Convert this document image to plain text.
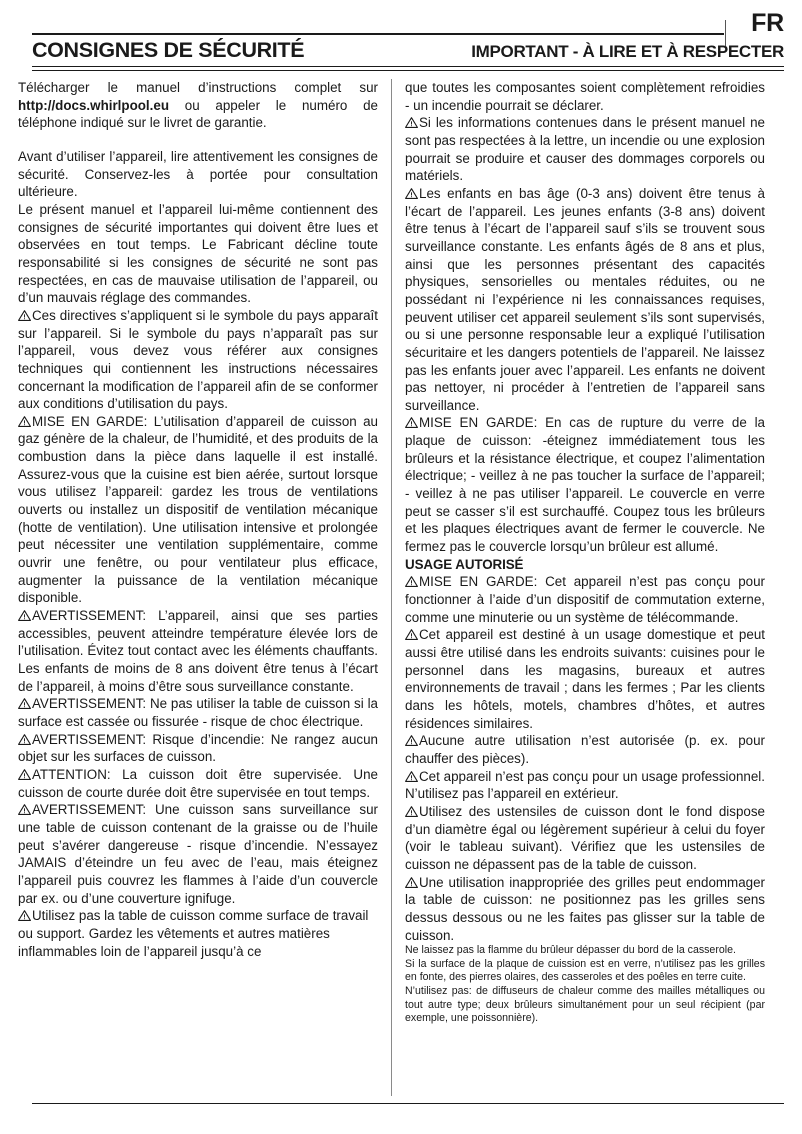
FR
CONSIGNES DE SÉCURITÉ	IMPORTANT - À LIRE ET À RESPECTER

Télécharger le manuel d’instructions complet sur http://docs.whirlpool.eu ou appeler le numéro de téléphone indiqué sur le livret de garantie.

Avant d’utiliser l’appareil, lire attentivement les consignes de sécurité. Conservez-les à portée pour consultation ultérieure.

Le présent manuel et l’appareil lui-même contiennent des consignes de sécurité importantes qui doivent être lues et observées en tout temps. Le Fabricant décline toute responsabilité si les consignes de sécurité ne sont pas respectées, en cas de mauvaise utilisation de l’appareil, ou d’un mauvais réglage des commandes.

Ces directives s’appliquent si le symbole du pays apparaît sur l’appareil. Si le symbole du pays n’apparaît pas sur l’appareil, vous devez vous référer aux consignes techniques qui contiennent les instructions nécessaires concernant la modification de l’appareil afin de se conformer aux conditions d’utilisation du pays.

MISE EN GARDE: L’utilisation d’appareil de cuisson au gaz génère de la chaleur, de l’humidité, et des produits de la combustion dans la pièce dans laquelle il est installé. Assurez-vous que la cuisine est bien aérée, surtout lorsque vous utilisez l’appareil: gardez les trous de ventilations ouverts ou installez un dispositif de ventilation mécanique (hotte de ventilation). Une utilisation intensive et prolongée peut nécessiter une ventilation supplémentaire, comme ouvrir une fenêtre, ou pour ventilateur plus efficace, augmenter la puissance de la ventilation mécanique disponible.

AVERTISSEMENT: L’appareil, ainsi que ses parties accessibles, peuvent atteindre température élevée lors de l’utilisation. Évitez tout contact avec les éléments chauffants. Les enfants de moins de 8 ans doivent être tenus à l’écart de l’appareil, à moins d’être sous surveillance constante.

AVERTISSEMENT: Ne pas utiliser la table de cuisson si la surface est cassée ou fissurée - risque de choc électrique.

AVERTISSEMENT: Risque d’incendie: Ne rangez aucun objet sur les surfaces de cuisson.

ATTENTION: La cuisson doit être supervisée. Une cuisson de courte durée doit être supervisée en tout temps.

AVERTISSEMENT: Une cuisson sans surveillance sur une table de cuisson contenant de la graisse ou de l’huile peut s’avérer dangereuse - risque d’incendie. N’essayez JAMAIS d’éteindre un feu avec de l’eau, mais éteignez l’appareil puis couvrez les flammes à l’aide d’un couvercle par ex. ou d’une couverture ignifuge.

Utilisez pas la table de cuisson comme surface de travail ou support. Gardez les vêtements et autres matières inflammables loin de l’appareil jusqu’à ce

que toutes les composantes soient complètement refroidies - un incendie pourrait se déclarer.

Si les informations contenues dans le présent manuel ne sont pas respectées à la lettre, un incendie ou une explosion pourrait se produire et causer des dommages corporels ou matériels.

Les enfants en bas âge (0-3 ans) doivent être tenus à l’écart de l’appareil. Les jeunes enfants (3-8 ans) doivent être tenus à l’écart de l’appareil sauf s’ils se trouvent sous surveillance constante. Les enfants âgés de 8 ans et plus, ainsi que les personnes présentant des capacités physiques, sensorielles ou mentales réduites, ou ne possédant ni l’expérience ni les connaissances requises, peuvent utiliser cet appareil seulement s’ils sont supervisés, ou si une personne responsable leur a expliqué l’utilisation sécuritaire et les dangers potentiels de l’appareil. Ne laissez pas les enfants jouer avec l’appareil. Les enfants ne doivent pas nettoyer, ni procéder à l’entretien de l’appareil sans surveillance.

MISE EN GARDE: En cas de rupture du verre de la plaque de cuisson: -éteignez immédiatement tous les brûleurs et la résistance électrique, et coupez l’alimentation électrique; - veillez à ne pas toucher la surface de l’appareil; - veillez à ne pas utiliser l’appareil. Le couvercle en verre peut se casser s’il est surchauffé. Coupez tous les brûleurs et les plaques électriques avant de fermer le couvercle. Ne fermez pas le couvercle lorsqu’un brûleur est allumé.

USAGE AUTORISÉ

MISE EN GARDE: Cet appareil n’est pas conçu pour fonctionner à l’aide d’un dispositif de commutation externe, comme une minuterie ou un système de télécommande.

Cet appareil est destiné à un usage domestique et peut aussi être utilisé dans les endroits suivants: cuisines pour le personnel dans les magasins, bureaux et autres environnements de travail ; dans les fermes ; Par les clients dans les hôtels, motels, chambres d’hôtes, et autres résidences similaires.

Aucune autre utilisation n’est autorisée (p. ex. pour chauffer des pièces).

Cet appareil n’est pas conçu pour un usage professionnel. N’utilisez pas l’appareil en extérieur.

Utilisez des ustensiles de cuisson dont le fond dispose d’un diamètre égal ou légèrement supérieur à celui du foyer (voir le tableau suivant). Vérifiez que les ustensiles de cuisson ne dépassent pas de la table de cuisson.

Une utilisation inappropriée des grilles peut endommager la table de cuisson: ne positionnez pas les grilles sens dessus dessous ou ne les faites pas glisser sur la table de cuisson.

Ne laissez pas la flamme du brûleur dépasser du bord de la casserole.

Si la surface de la plaque de cuission est en verre, n’utilisez pas les grilles en fonte, des pierres olaires, des casseroles et des poêles en terre cuite.

N’utilisez pas: de diffuseurs de chaleur comme des mailles métalliques ou tout autre type; deux brûleurs simultanément pour un seul récipient (par exemple, une poissonnière).
